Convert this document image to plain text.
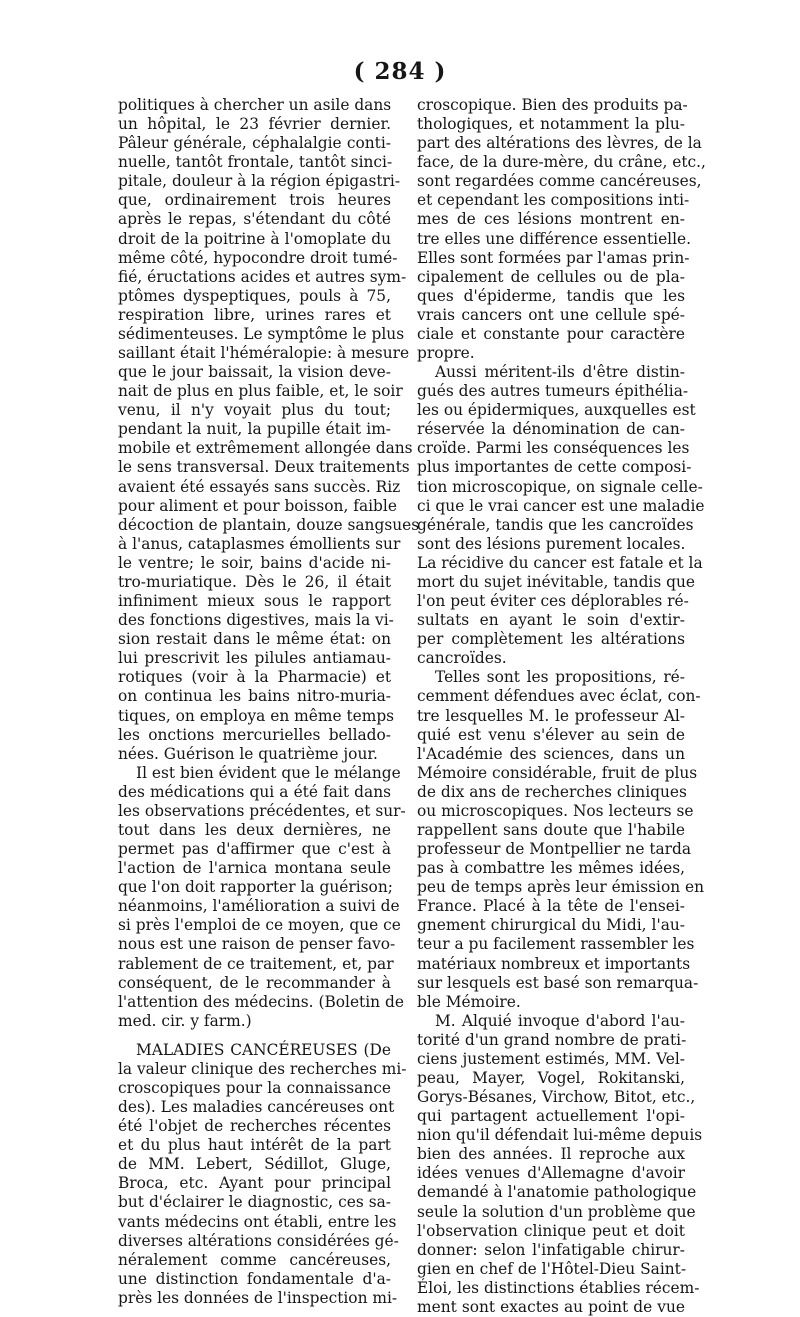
( 284 )
politiques à chercher un asile dans
un hôpital, le 23 février dernier.
Pâleur générale, céphalalgie conti-
nuelle, tantôt frontale, tantôt sinci-
pitale, douleur à la région épigastri-
que, ordinairement trois heures
après le repas, s'étendant du côté
droit de la poitrine à l'omoplate du
même côté, hypocondre droit tumé-
fié, éructations acides et autres sym-
ptômes dyspeptiques, pouls à 75,
respiration libre, urines rares et
sédimenteuses. Le symptôme le plus
saillant était l'héméralopie: à mesure
que le jour baissait, la vision deve-
nait de plus en plus faible, et, le soir
venu, il n'y voyait plus du tout;
pendant la nuit, la pupille était im-
mobile et extrêmement allongée dans
le sens transversal. Deux traitements
avaient été essayés sans succès. Riz
pour aliment et pour boisson, faible
décoction de plantain, douze sangsues
à l'anus, cataplasmes émollients sur
le ventre; le soir, bains d'acide ni-
tro-muriatique. Dès le 26, il était
infiniment mieux sous le rapport
des fonctions digestives, mais la vi-
sion restait dans le même état: on
lui prescrivit les pilules antiamau-
rotiques (voir à la Pharmacie) et
on continua les bains nitro-muria-
tiques, on employa en même temps
les onctions mercurielles bellado-
nées. Guérison le quatrième jour.
Il est bien évident que le mélange
des médications qui a été fait dans
les observations précédentes, et sur-
tout dans les deux dernières, ne
permet pas d'affirmer que c'est à
l'action de l'arnica montana seule
que l'on doit rapporter la guérison;
néanmoins, l'amélioration a suivi de
si près l'emploi de ce moyen, que ce
nous est une raison de penser favo-
rablement de ce traitement, et, par
conséquent, de le recommander à
l'attention des médecins. (Boletin de
med. cir. y farm.)
MALADIES CANCÉREUSES (De
la valeur clinique des recherches mi-
croscopiques pour la connaissance
des). Les maladies cancéreuses ont
été l'objet de recherches récentes
et du plus haut intérêt de la part
de MM. Lebert, Sédillot, Gluge,
Broca, etc. Ayant pour principal
but d'éclairer le diagnostic, ces sa-
vants médecins ont établi, entre les
diverses altérations considérées gé-
néralement comme cancéreuses,
une distinction fondamentale d'a-
près les données de l'inspection mi-
croscopique. Bien des produits pa-
thologiques, et notamment la plu-
part des altérations des lèvres, de la
face, de la dure-mère, du crâne, etc.,
sont regardées comme cancéreuses,
et cependant les compositions inti-
mes de ces lésions montrent en-
tre elles une différence essentielle.
Elles sont formées par l'amas prin-
cipalement de cellules ou de pla-
ques d'épiderme, tandis que les
vrais cancers ont une cellule spé-
ciale et constante pour caractère
propre.
Aussi méritent-ils d'être distin-
gués des autres tumeurs épithélia-
les ou épidermiques, auxquelles est
réservée la dénomination de can-
croïde. Parmi les conséquences les
plus importantes de cette composi-
tion microscopique, on signale celle-
ci que le vrai cancer est une maladie
générale, tandis que les cancroïdes
sont des lésions purement locales.
La récidive du cancer est fatale et la
mort du sujet inévitable, tandis que
l'on peut éviter ces déplorables ré-
sultats en ayant le soin d'extir-
per complètement les altérations
cancroïdes.
Telles sont les propositions, ré-
cemment défendues avec éclat, con-
tre lesquelles M. le professeur Al-
quié est venu s'élever au sein de
l'Académie des sciences, dans un
Mémoire considérable, fruit de plus
de dix ans de recherches cliniques
ou microscopiques. Nos lecteurs se
rappellent sans doute que l'habile
professeur de Montpellier ne tarda
pas à combattre les mêmes idées,
peu de temps après leur émission en
France. Placé à la tête de l'ensei-
gnement chirurgical du Midi, l'au-
teur a pu facilement rassembler les
matériaux nombreux et importants
sur lesquels est basé son remarqua-
ble Mémoire.
M. Alquié invoque d'abord l'au-
torité d'un grand nombre de prati-
ciens justement estimés, MM. Vel-
peau, Mayer, Vogel, Rokitanski,
Gorys-Bésanes, Virchow, Bitot, etc.,
qui partagent actuellement l'opi-
nion qu'il défendait lui-même depuis
bien des années. Il reproche aux
idées venues d'Allemagne d'avoir
demandé à l'anatomie pathologique
seule la solution d'un problème que
l'observation clinique peut et doit
donner: selon l'infatigable chirur-
gien en chef de l'Hôtel-Dieu Saint-
Éloi, les distinctions établies récem-
ment sont exactes au point de vue
